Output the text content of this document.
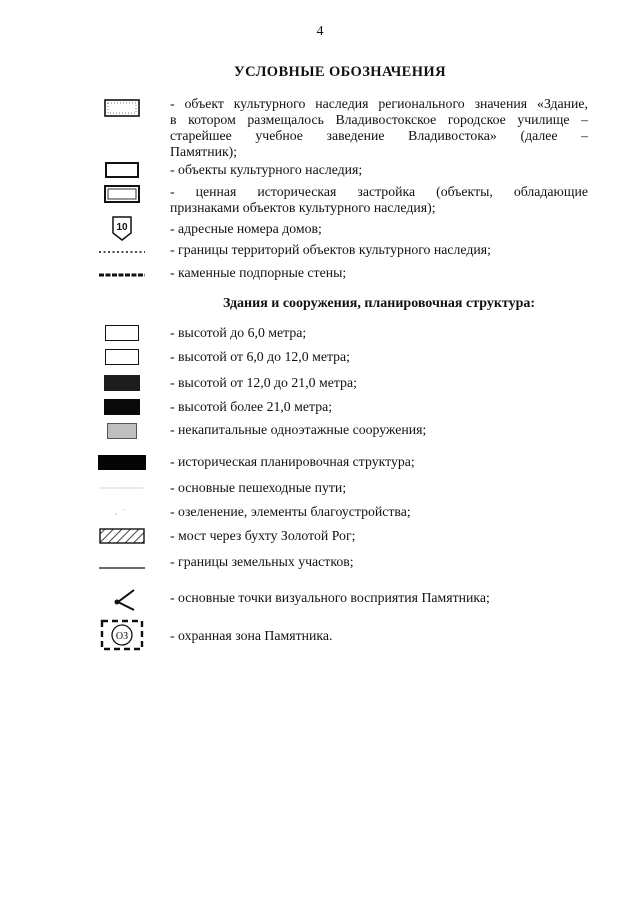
4
УСЛОВНЫЕ ОБОЗНАЧЕНИЯ
- объект культурного наследия регионального значения «Здание,
в котором размещалось Владивостокское городское училище –
старейшее учебное заведение Владивостока» (далее –
Памятник);
- объекты культурного наследия;
- ценная историческая застройка (объекты, обладающие
признаками объектов культурного наследия);
10	- адресные номера домов;
- границы территорий объектов культурного наследия;
- каменные подпорные стены;
Здания и сооружения, планировочная структура:
- высотой до 6,0 метра;
- высотой от 6,0 до 12,0 метра;
- высотой от 12,0 до 21,0 метра;
- высотой более 21,0 метра;
- некапитальные одноэтажные сооружения;
- историческая планировочная структура;
- основные пешеходные пути;
- озеленение, элементы благоустройства;
- мост через бухту Золотой Рог;
- границы земельных участков;
- основные точки визуального восприятия Памятника;
ОЗ	- охранная зона Памятника.
